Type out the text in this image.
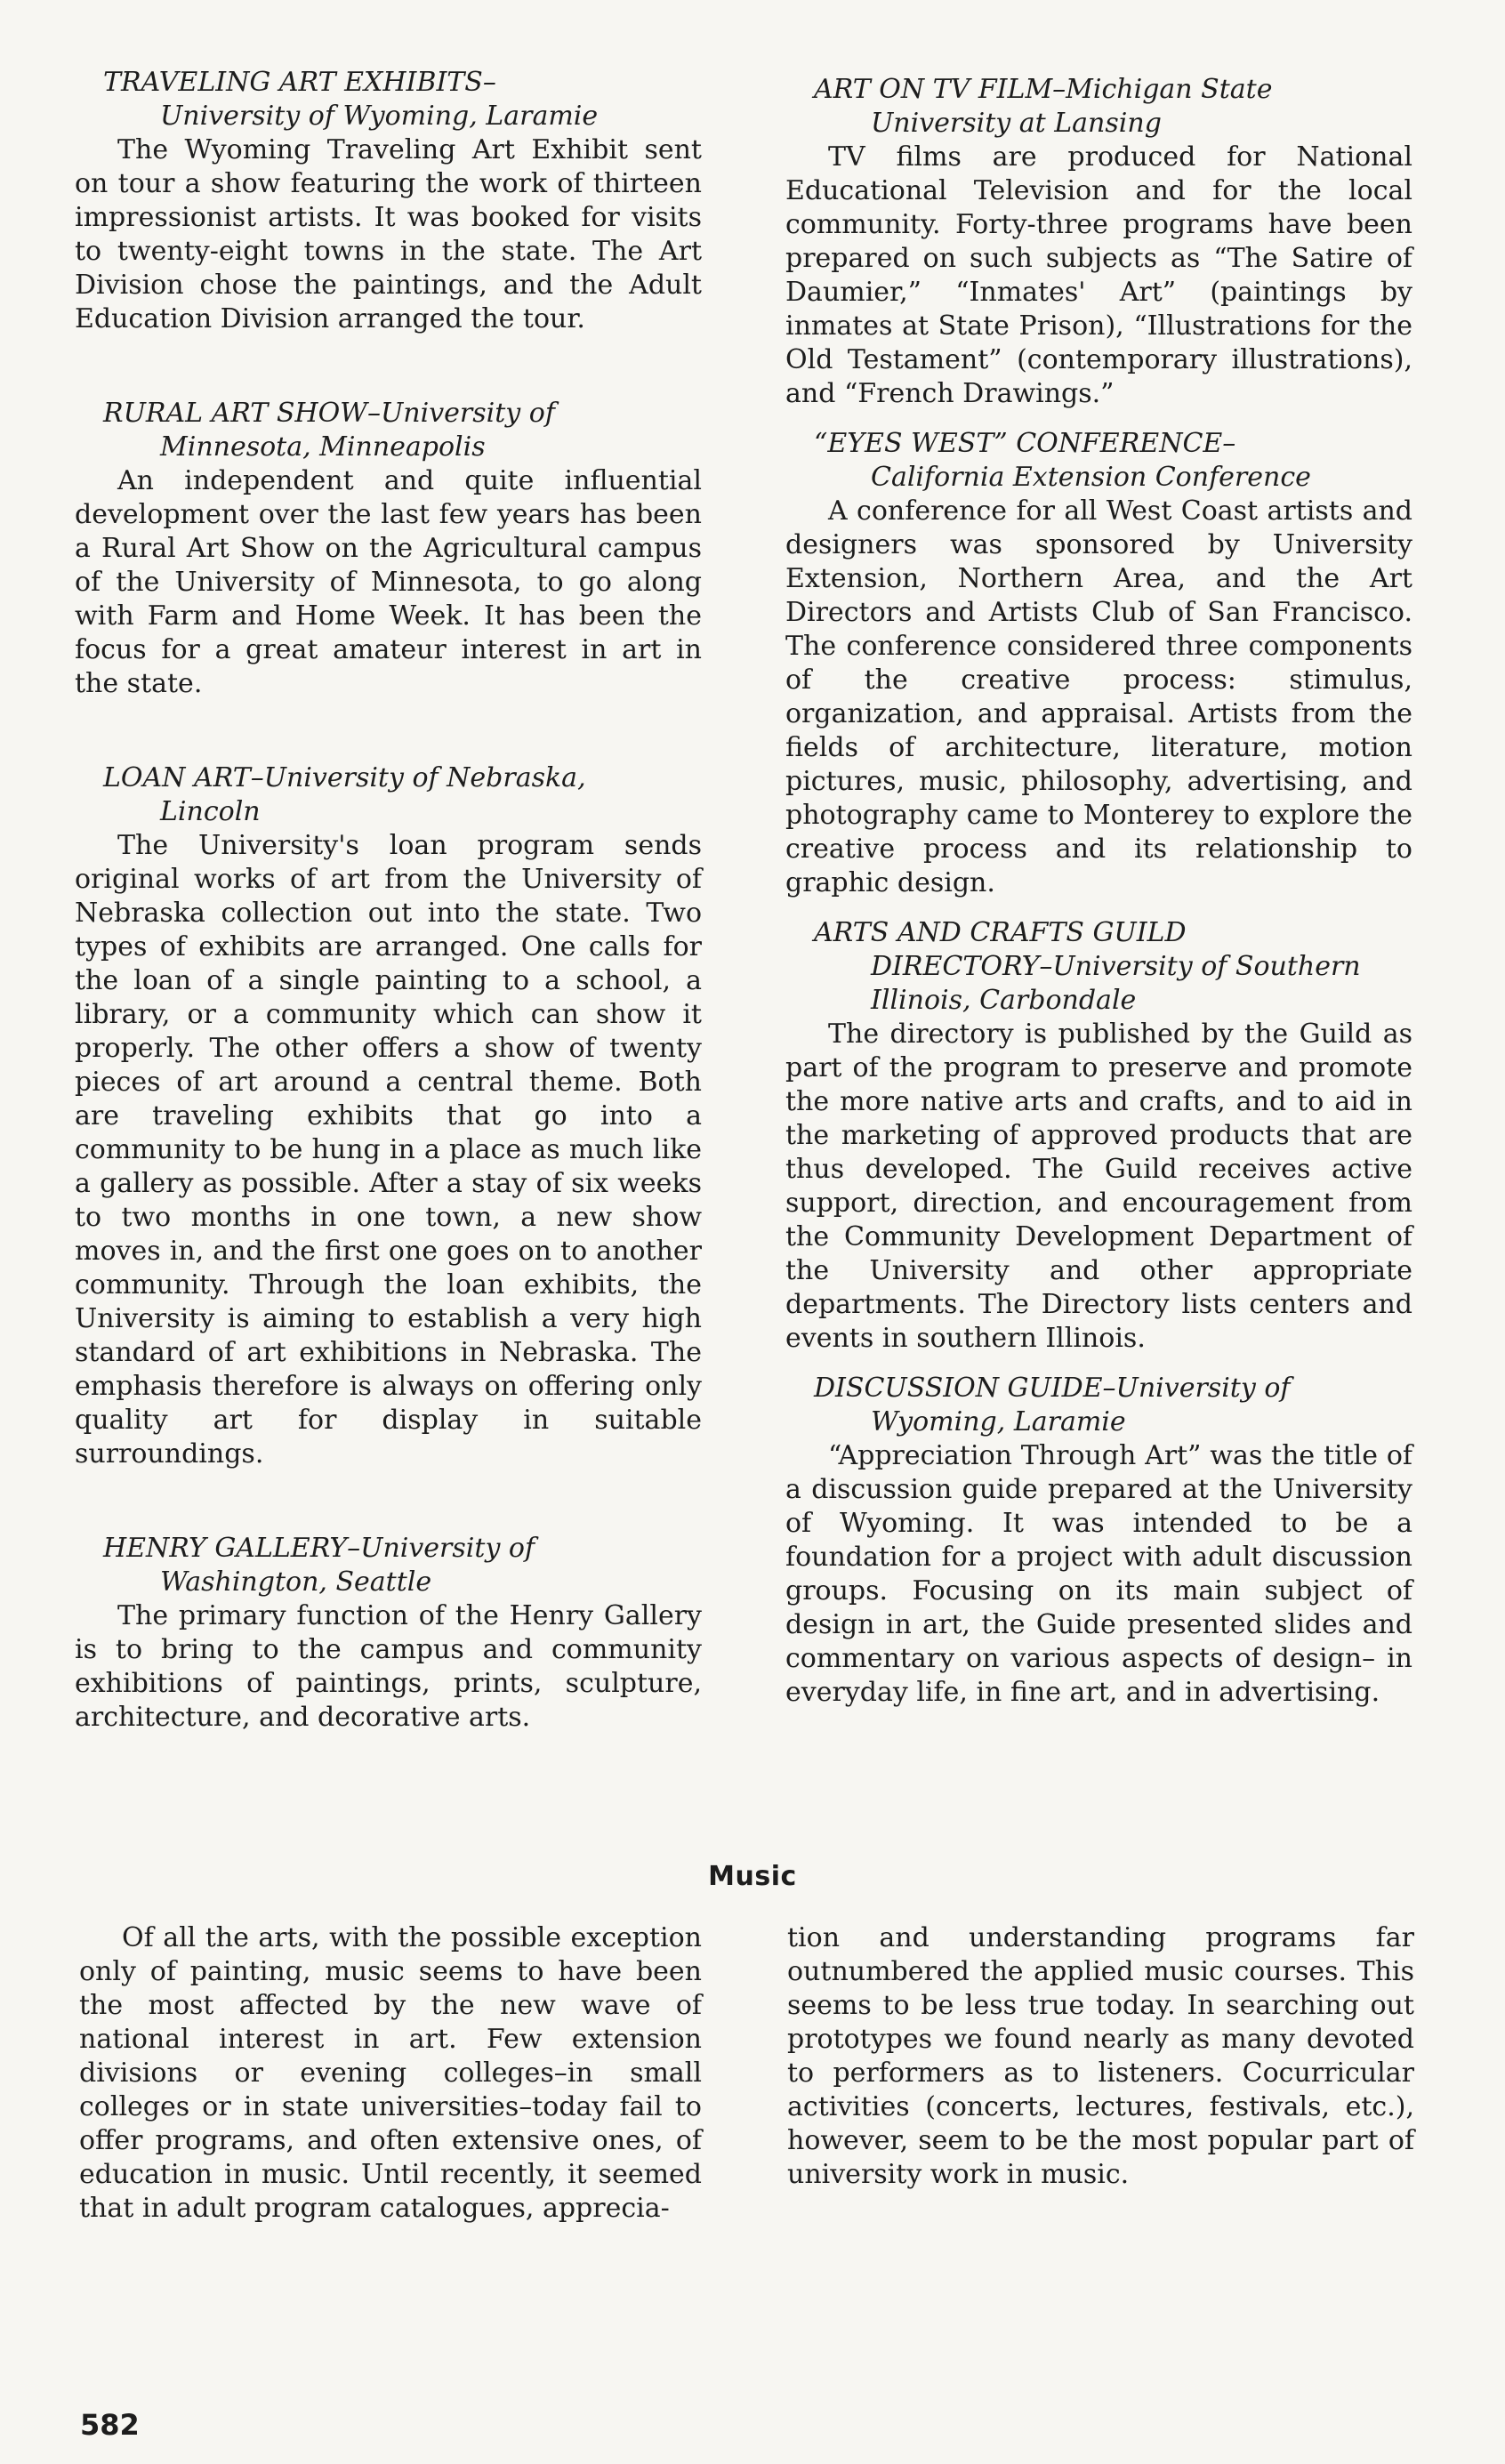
TRAVELING ART EXHIBITS–
University of Wyoming, Laramie

The Wyoming Traveling Art Exhibit sent on tour a show featuring the work of thirteen impressionist artists. It was booked for visits to twenty-eight towns in the state. The Art Division chose the paintings, and the Adult Education Division arranged the tour.

RURAL ART SHOW–University of
Minnesota, Minneapolis

An independent and quite influential development over the last few years has been a Rural Art Show on the Agricultural campus of the University of Minnesota, to go along with Farm and Home Week. It has been the focus for a great amateur interest in art in the state.

LOAN ART–University of Nebraska,
Lincoln

The University's loan program sends original works of art from the University of Nebraska collection out into the state. Two types of exhibits are arranged. One calls for the loan of a single painting to a school, a library, or a community which can show it properly. The other offers a show of twenty pieces of art around a central theme. Both are traveling exhibits that go into a community to be hung in a place as much like a gallery as possible. After a stay of six weeks to two months in one town, a new show moves in, and the first one goes on to another community. Through the loan exhibits, the University is aiming to establish a very high standard of art exhibitions in Nebraska. The emphasis therefore is always on offering only quality art for display in suitable surroundings.

HENRY GALLERY–University of
Washington, Seattle

The primary function of the Henry Gallery is to bring to the campus and community exhibitions of paintings, prints, sculpture, architecture, and decorative arts.

ART ON TV FILM–Michigan State
University at Lansing

TV films are produced for National Educational Television and for the local community. Forty-three programs have been prepared on such subjects as “The Satire of Daumier,” “Inmates' Art” (paintings by inmates at State Prison), “Illustrations for the Old Testament” (contemporary illustrations), and “French Drawings.”

“EYES WEST” CONFERENCE–
California Extension Conference

A conference for all West Coast artists and designers was sponsored by University Extension, Northern Area, and the Art Directors and Artists Club of San Francisco. The conference considered three components of the creative process: stimulus, organization, and appraisal. Artists from the fields of architecture, literature, motion pictures, music, philosophy, advertising, and photography came to Monterey to explore the creative process and its relationship to graphic design.

ARTS AND CRAFTS GUILD
DIRECTORY–University of Southern Illinois, Carbondale

The directory is published by the Guild as part of the program to preserve and promote the more native arts and crafts, and to aid in the marketing of approved products that are thus developed. The Guild receives active support, direction, and encouragement from the Community Development Department of the University and other appropriate departments. The Directory lists centers and events in southern Illinois.

DISCUSSION GUIDE–University of
Wyoming, Laramie

“Appreciation Through Art” was the title of a discussion guide prepared at the University of Wyoming. It was intended to be a foundation for a project with adult discussion groups. Focusing on its main subject of design in art, the Guide presented slides and commentary on various aspects of design– in everyday life, in fine art, and in advertising.

Music

Of all the arts, with the possible exception only of painting, music seems to have been the most affected by the new wave of national interest in art. Few extension divisions or evening colleges–in small colleges or in state universities–today fail to offer programs, and often extensive ones, of education in music. Until recently, it seemed that in adult program catalogues, apprecia-

tion and understanding programs far outnumbered the applied music courses. This seems to be less true today. In searching out prototypes we found nearly as many devoted to performers as to listeners. Cocurricular activities (concerts, lectures, festivals, etc.), however, seem to be the most popular part of university work in music.

582
